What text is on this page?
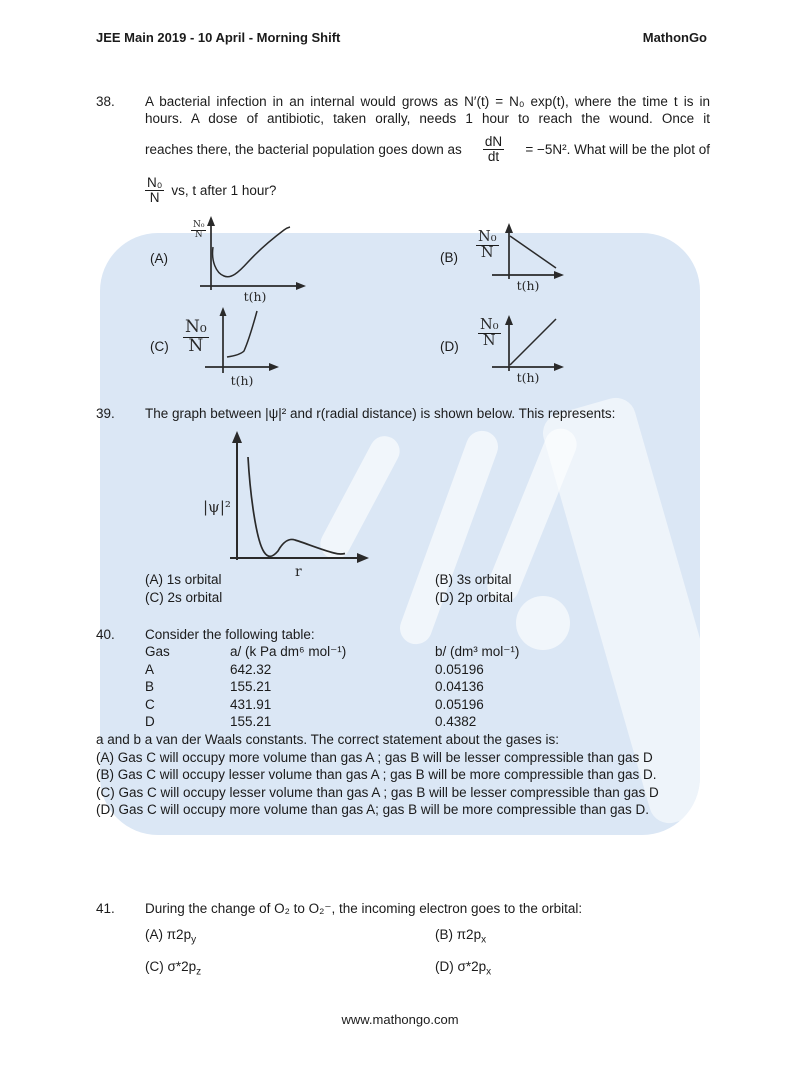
JEE Main 2019 - 10 April - Morning Shift	MathonGo
38. A bacterial infection in an internal would grows as N′(t) = N₀ exp(t), where the time t is in
hours. A dose of antibiotic, taken orally, needs 1 hour to reach the wound. Once it
reaches there, the bacterial population goes down as $\frac{dN}{dt} = -5N^2$. What will be the plot of
$\frac{\text{N₀}}{N}$ vs, t after 1 hour?
(A)
$\frac{\text{N₀}}{N}$
t(h)
$(B) \frac{\text{N₀}}{N}$
t(h)
$(C) \frac{\text{N₀}}{N}$
t(h)
$(D) \frac{\text{N₀}}{N}$
t(h)
39. The graph between |ψ|² and r(radial distance) is shown below. This represents:
|ψ|²
r
(A) 1s orbital	(B) 3s orbital
(C) 2s orbital	(D) 2p orbital
40. Consider the following table:
Gas	a/ (k Pa dm⁶ mol⁻¹)	b/ (dm³ mol⁻¹)
A	642.32	0.05196
B	155.21	0.04136
C	431.91	0.05196
D	155.21	0.4382
a and b a van der Waals constants. The correct statement about the gases is:
(A) Gas C will occupy more volume than gas A ; gas B will be lesser compressible than gas D
(B) Gas C will occupy lesser volume than gas A ; gas B will be more compressible than gas D.
(C) Gas C will occupy lesser volume than gas A ; gas B will be lesser compressible than gas D
(D) Gas C will occupy more volume than gas A; gas B will be more compressible than gas D.
41. During the change of O₂ to O₂⁻, the incoming electron goes to the orbital:
(A) $\pi 2p_y$	(B) $\pi 2p_x$
(C) $\sigma*2p_z$	(D) $\sigma*2p_x$
www.mathongo.com
